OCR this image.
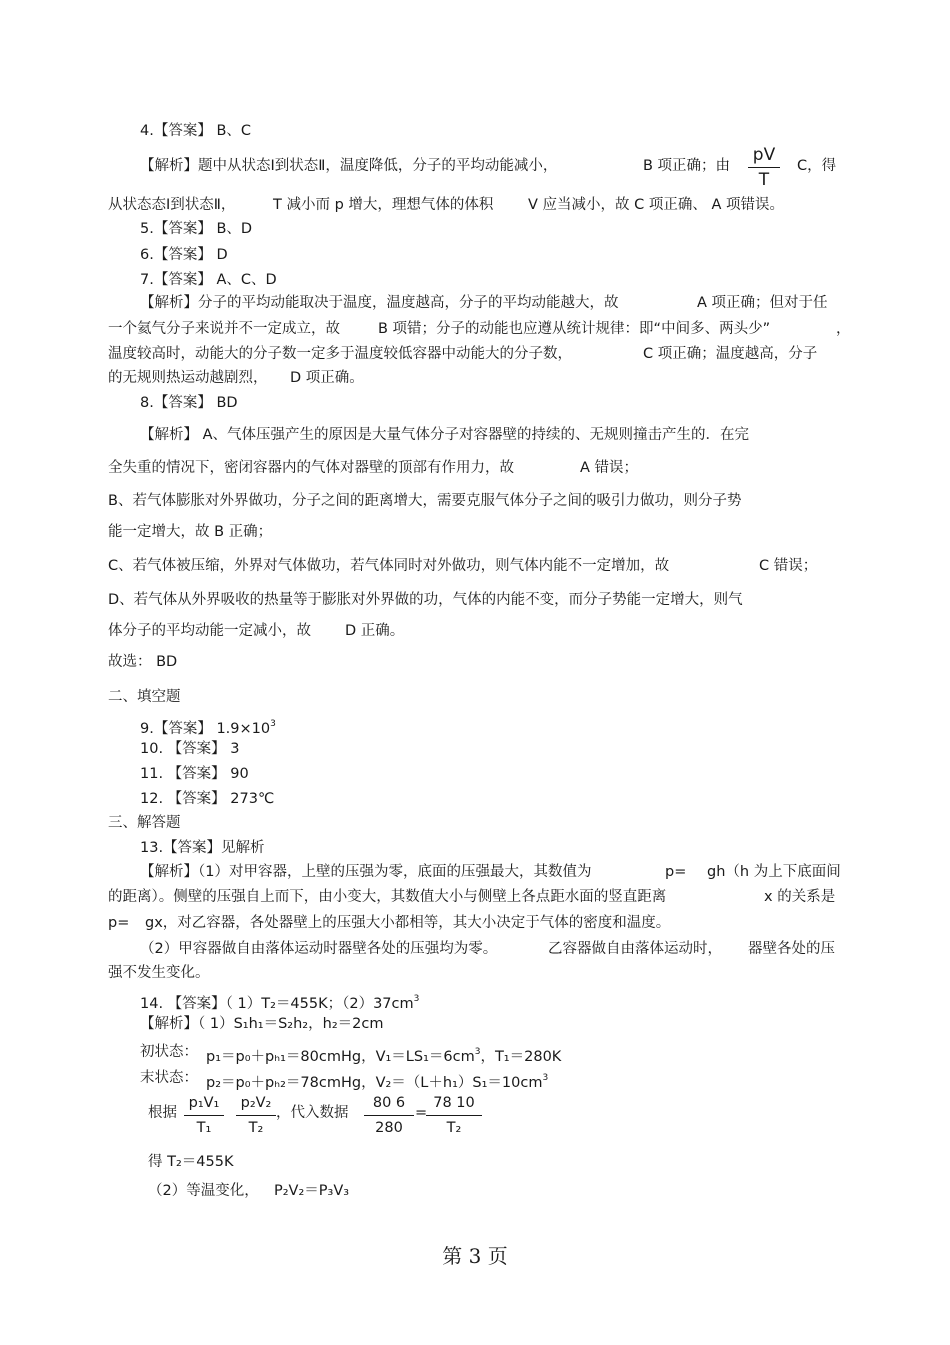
4.【答案】 B、C
【解析】题中从状态Ⅰ到状态Ⅱ，温度降低，分子的平均动能减小，	B 项正确；由 $\frac{pV}{T}$ C，得
从状态态Ⅰ到状态Ⅱ，	T 减小而 p 增大，理想气体的体积 V 应当减小，故 C 项正确、 A 项错误。
5.【答案】 B、D
6.【答案】 D
7.【答案】 A、C、D
【解析】分子的平均动能取决于温度，温度越高，分子的平均动能越大，故	A 项正确；但对于任
一个氦气分子来说并不一定成立，故	B 项错；分子的动能也应遵从统计规律：即“中间多、两头少”	，
温度较高时，动能大的分子数一定多于温度较低容器中动能大的分子数，	C 项正确；温度越高，分子
的无规则热运动越剧烈， D 项正确。
8.【答案】 BD
【解析】 A、气体压强产生的原因是大量气体分子对容器壁的持续的、无规则撞击产生的．在完
全失重的情况下，密闭容器内的气体对器壁的顶部有作用力，故	A 错误；
B、若气体膨胀对外界做功，分子之间的距离增大，需要克服气体分子之间的吸引力做功，则分子势
能一定增大，故 B 正确；
C、若气体被压缩，外界对气体做功，若气体同时对外做功，则气体内能不一定增加，故	C 错误；
D、若气体从外界吸收的热量等于膨胀对外界做的功，气体的内能不变，而分子势能一定增大，则气
体分子的平均动能一定减小，故 D 正确。
故选： BD
二、填空题
9.【答案】 $1.9\times 10^3$
10. 【答案】 3
11. 【答案】 90
12. 【答案】 273℃
三、解答题
13.【答案】见解析
【解析】（1）对甲容器，上壁的压强为零，底面的压强最大，其数值为	p= gh（h 为上下底面间
的距离）。侧壁的压强自上而下，由小变大，其数值大小与侧壁上各点距水面的竖直距离	x 的关系是
p= gx，对乙容器，各处器壁上的压强大小都相等，其大小决定于气体的密度和温度。
（2）甲容器做自由落体运动时器壁各处的压强均为零。	乙容器做自由落体运动时， 器壁各处的压
强不发生变化。
14. 【答案】（ 1）T₂＝455K；$(2)37cm^3$
【解析】（ 1）S₁h₁＝S₂h₂，h₂＝2cm
初状态： p₁＝p₀＋pₕ₁＝80cmHg，$V_1=LS_1=6cm^3$，T₁＝280K
末状态： p₂＝p₀＋pₕ₂＝78cmHg，$V_2=(L+h_1)S_1=10cm^3$
根据 $\frac{\text{p₁V₁}}{\text{T₁}} \frac{\text{p₂V₂}}{\text{T₂}}$ ，代入数据 $\frac{80 6}{280}$ =
$\frac{78 10}{\text{T₂}}$
得 T₂＝455K
（2）等温变化， P₂V₂＝P₃V₃
第 3 页
